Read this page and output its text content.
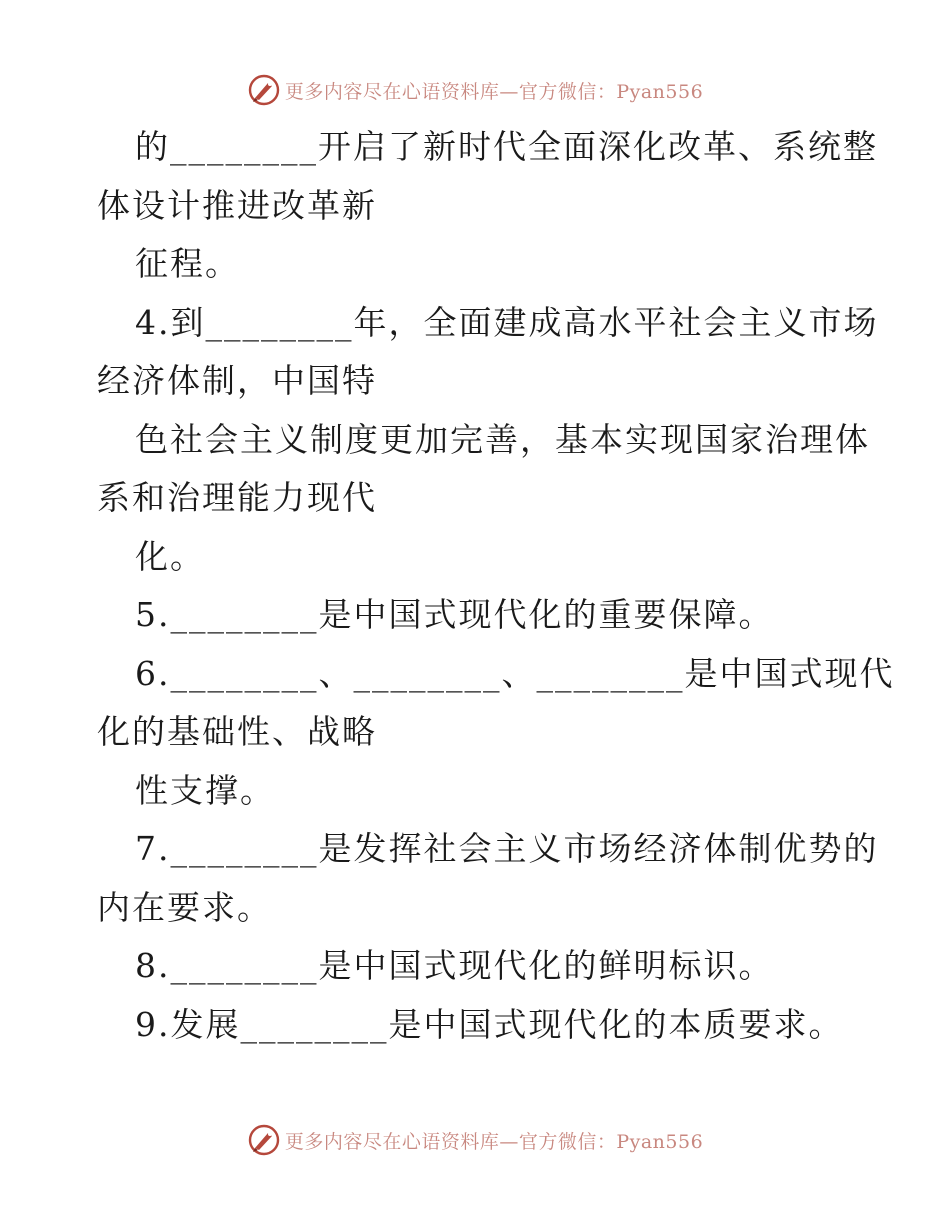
更多内容尽在心语资料库—官方微信：Pyan556
的________开启了新时代全面深化改革、系统整
体设计推进改革新
征程。
4.到________年，全面建成高水平社会主义市场
经济体制，中国特
色社会主义制度更加完善，基本实现国家治理体
系和治理能力现代
化。
5.________是中国式现代化的重要保障。
6.________、________、________是中国式现代
化的基础性、战略
性支撑。
7.________是发挥社会主义市场经济体制优势的
内在要求。
8.________是中国式现代化的鲜明标识。
9.发展________是中国式现代化的本质要求。
更多内容尽在心语资料库—官方微信：Pyan556
